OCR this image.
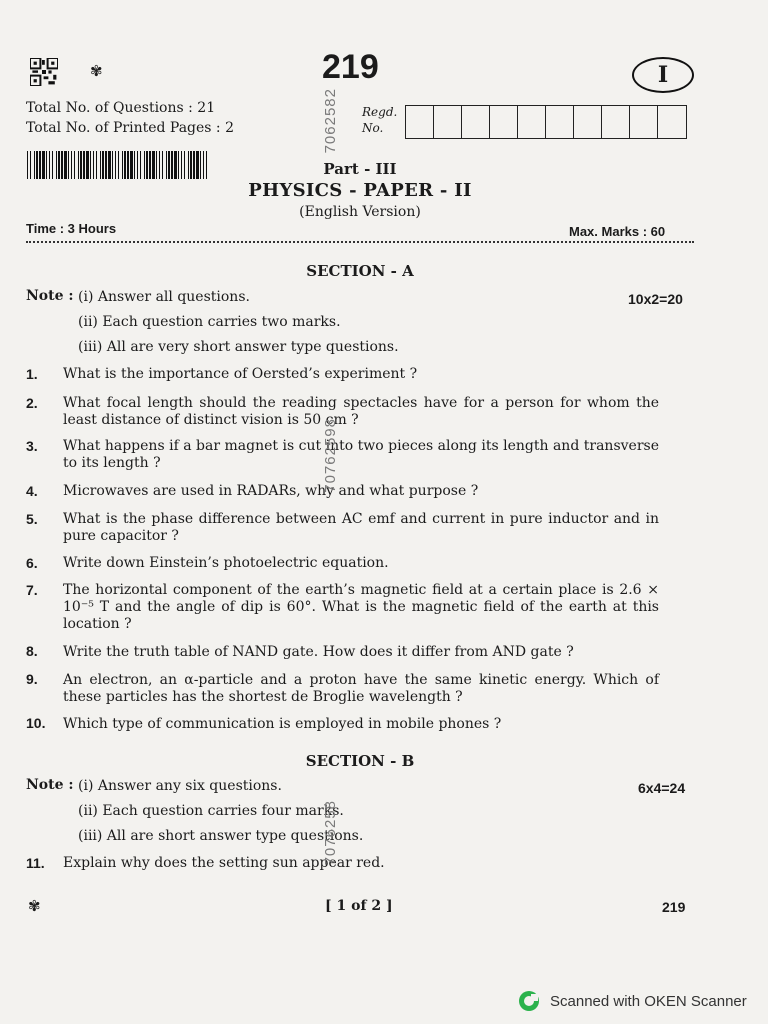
✾	219	I
Total No. of Questions : 21
Total No. of Printed Pages : 2
Regd.
No.
Part - III
PHYSICS - PAPER - II
(English Version)
Time : 3 Hours	Max. Marks : 60
SECTION - A
Note : (i) Answer all questions.	10x2=20
(ii) Each question carries two marks.
(iii) All are very short answer type questions.
1. What is the importance of Oersted’s experiment ?
2. What focal length should the reading spectacles have for a person for whom the least distance of distinct vision is 50 cm ?
3. What happens if a bar magnet is cut into two pieces along its length and transverse to its length ?
4. Microwaves are used in RADARs, why and what purpose ?
5. What is the phase difference between AC emf and current in pure inductor and in pure capacitor ?
6. Write down Einstein’s photoelectric equation.
7. The horizontal component of the earth’s magnetic field at a certain place is 2.6 × 10⁻⁵ T and the angle of dip is 60°. What is the magnetic field of the earth at this location ?
8. Write the truth table of NAND gate. How does it differ from AND gate ?
9. An electron, an α-particle and a proton have the same kinetic energy. Which of these particles has the shortest de Broglie wavelength ?
10. Which type of communication is employed in mobile phones ?
SECTION - B
Note : (i) Answer any six questions.	6x4=24
(ii) Each question carries four marks.
(iii) All are short answer type questions.
11. Explain why does the setting sun appear red.
7062582
70762598
7076258
✾	[ 1 of 2 ]	219
Scanned with OKEN Scanner
